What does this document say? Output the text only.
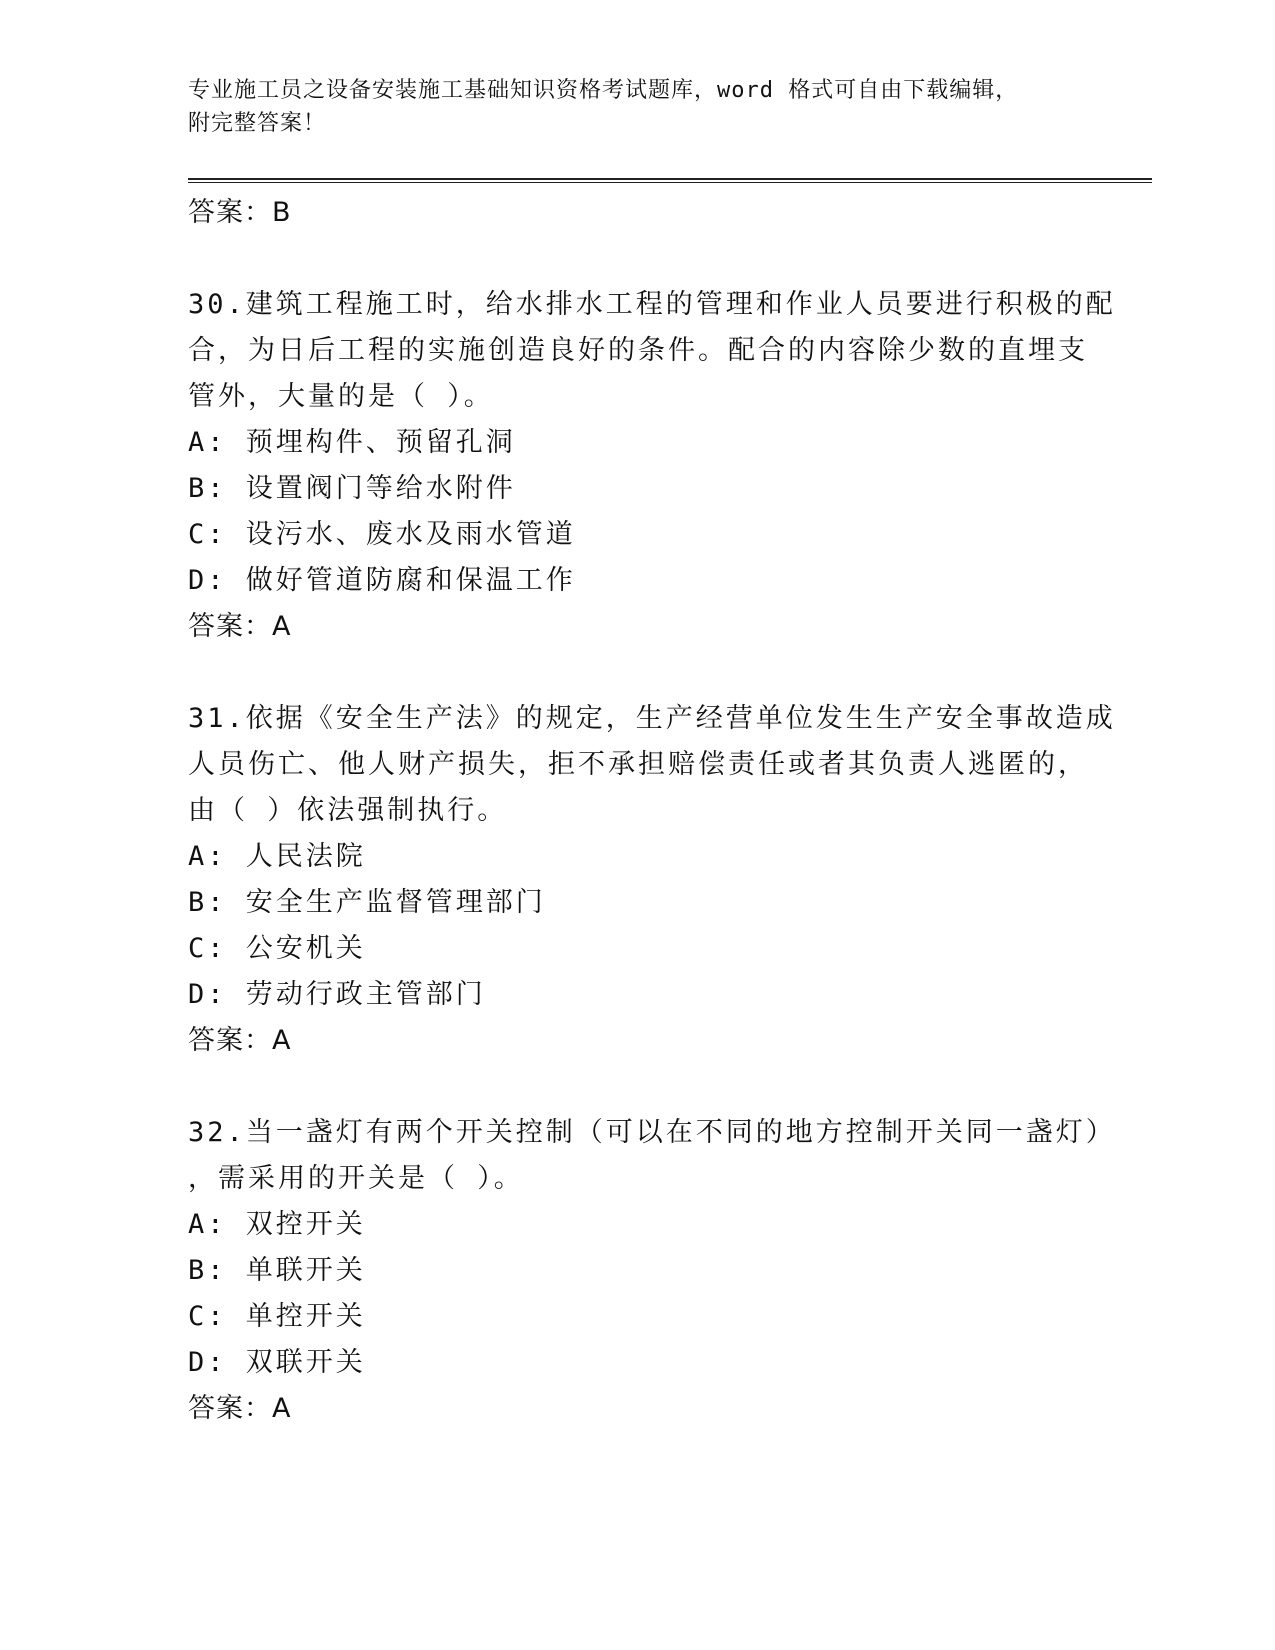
专业施工员之设备安装施工基础知识资格考试题库，word 格式可自由下载编辑，
附完整答案！
答案：B
30.建筑工程施工时，给水排水工程的管理和作业人员要进行积极的配
合，为日后工程的实施创造良好的条件。配合的内容除少数的直埋支
管外，大量的是（ ）。
A: 预埋构件、预留孔洞
B: 设置阀门等给水附件
C: 设污水、废水及雨水管道
D: 做好管道防腐和保温工作
答案：A
31.依据《安全生产法》的规定，生产经营单位发生生产安全事故造成
人员伤亡、他人财产损失，拒不承担赔偿责任或者其负责人逃匿的，
由（ ）依法强制执行。
A: 人民法院
B: 安全生产监督管理部门
C: 公安机关
D: 劳动行政主管部门
答案：A
32.当一盏灯有两个开关控制（可以在不同的地方控制开关同一盏灯）
，需采用的开关是（ ）。
A: 双控开关
B: 单联开关
C: 单控开关
D: 双联开关
答案：A
